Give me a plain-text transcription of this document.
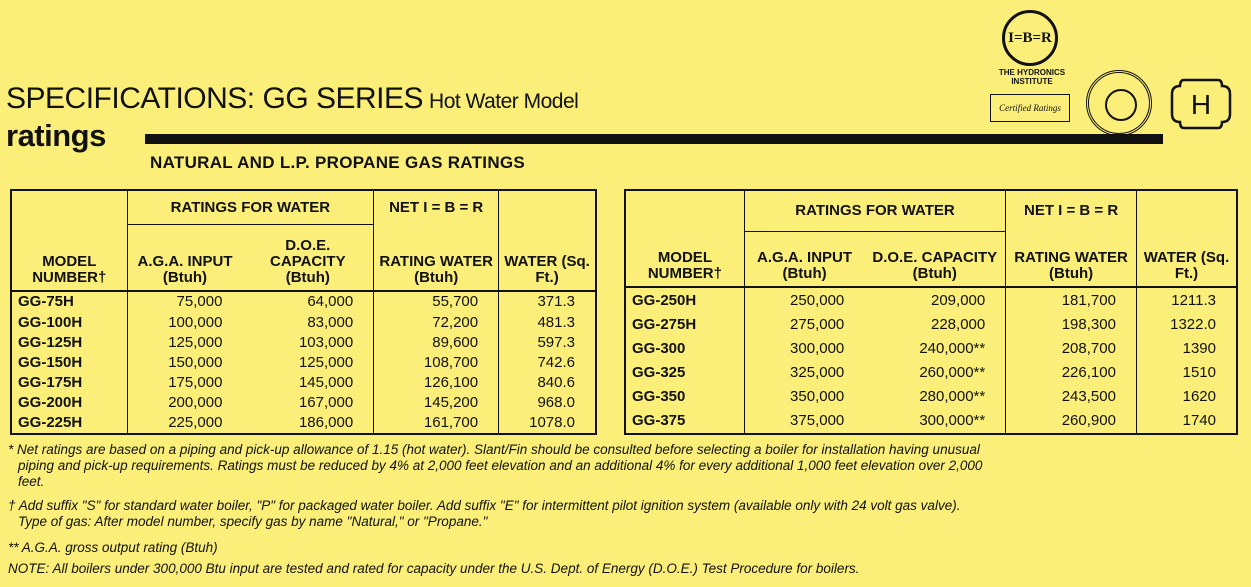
SPECIFICATIONS: GG SERIES Hot Water Model
ratings
NATURAL AND L.P. PROPANE GAS RATINGS
I=B=R
THE HYDRONICS INSTITUTE
Certified Ratings	H
	RATINGS FOR WATER		NET I = B = R	
MODEL NUMBER†	A.G.A. INPUT (Btuh)	D.O.E. CAPACITY (Btuh)	RATING WATER (Btuh)	WATER (Sq. Ft.)
GG-75H	75,000	64,000	55,700	371.3
GG-100H	100,000	83,000	72,200	481.3
GG-125H	125,000	103,000	89,600	597.3
GG-150H	150,000	125,000	108,700	742.6
GG-175H	175,000	145,000	126,100	840.6
GG-200H	200,000	167,000	145,200	968.0
GG-225H	225,000	186,000	161,700	1078.0
	RATINGS FOR WATER		NET I = B = R	
MODEL NUMBER†	A.G.A. INPUT (Btuh)	D.O.E. CAPACITY (Btuh)	RATING WATER (Btuh)	WATER (Sq. Ft.)
GG-250H	250,000	209,000	181,700	1211.3
GG-275H	275,000	228,000	198,300	1322.0
GG-300	300,000	240,000**	208,700	1390
GG-325	325,000	260,000**	226,100	1510
GG-350	350,000	280,000**	243,500	1620
GG-375	375,000	300,000**	260,900	1740

* Net ratings are based on a piping and pick-up allowance of 1.15 (hot water). Slant/Fin should be consulted before selecting a boiler for installation having unusual

piping and pick-up requirements. Ratings must be reduced by 4% at 2,000 feet elevation and an additional 4% for every additional 1,000 feet elevation over 2,000

feet.

† Add suffix "S" for standard water boiler, "P" for packaged water boiler. Add suffix "E" for intermittent pilot ignition system (available only with 24 volt gas valve).

Type of gas: After model number, specify gas by name "Natural," or "Propane."

** A.G.A. gross output rating (Btuh)

NOTE: All boilers under 300,000 Btu input are tested and rated for capacity under the U.S. Dept. of Energy (D.O.E.) Test Procedure for boilers.
